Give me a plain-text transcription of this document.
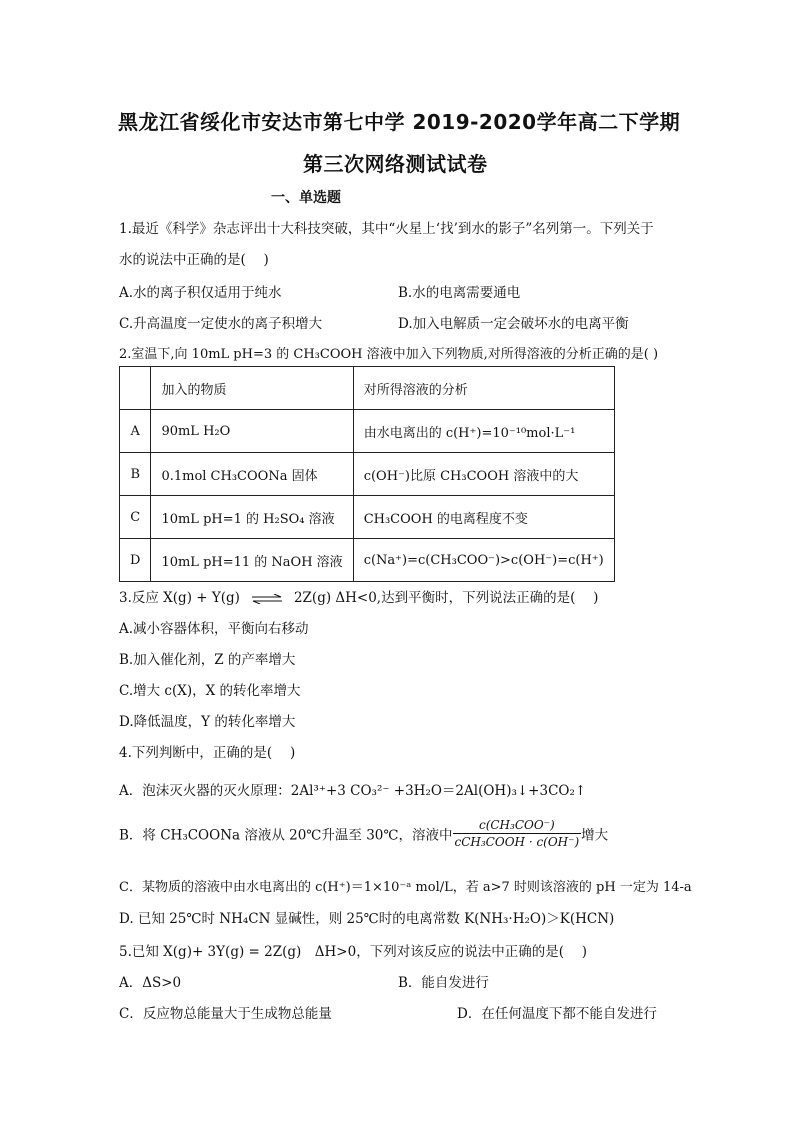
黑龙江省绥化市安达市第七中学 2019-2020学年高二下学期
第三次网络测试试卷
一、单选题
1.最近《科学》杂志评出十大科技突破，其中“火星上‘找’到水的影子”名列第一。下列关于
水的说法中正确的是(　 )
A.水的离子积仅适用于纯水	B.水的电离需要通电
C.升高温度一定使水的离子积增大	D.加入电解质一定会破坏水的电离平衡
2.室温下,向 10mL pH=3 的 CH₃COOH 溶液中加入下列物质,对所得溶液的分析正确的是( )
	加入的物质	对所得溶液的分析
A	90mL H₂O	由水电离出的 c(H⁺)=10⁻¹⁰mol·L⁻¹
B	0.1mol CH₃COONa 固体	c(OH⁻)比原 CH₃COOH 溶液中的大
C	10mL pH=1 的 H₂SO₄ 溶液	CH₃COOH 的电离程度不变
D	10mL pH=11 的 NaOH 溶液	c(Na⁺)=c(CH₃COO⁻)>c(OH⁻)=c(H⁺)
3.反应 X(g) + Y(g) ⇌ 2Z(g) ΔH<0,达到平衡时，下列说法正确的是(　 )
A.减小容器体积，平衡向右移动
B.加入催化剂，Z 的产率增大
C.增大 c(X)，X 的转化率增大
D.降低温度，Y 的转化率增大
4.下列判断中，正确的是(　 )
A．泡沫灭火器的灭火原理：2Al³⁺+3 CO₃²⁻ +3H₂O＝2Al(OH)₃↓+3CO₂↑
B．将 CH₃COONa 溶液从 20℃升温至 30℃，溶液中 $\frac{\text{c(CH₃COO⁻)}}{\text{cCH₃COOH · c(OH⁻)}}$ 增大
C．某物质的溶液中由水电离出的 c(H⁺)＝1×10⁻ᵃ mol/L，若 a>7 时则该溶液的 pH 一定为 14-a
D. 已知 25℃时 NH₄CN 显碱性，则 25℃时的电离常数 K(NH₃·H₂O)＞K(HCN)
5.已知 X(g)+ 3Y(g) = 2Z(g)　ΔH>0，下列对该反应的说法中正确的是(　 )
A．ΔS>0	B．能自发进行
C．反应物总能量大于生成物总能量	D．在任何温度下都不能自发进行
